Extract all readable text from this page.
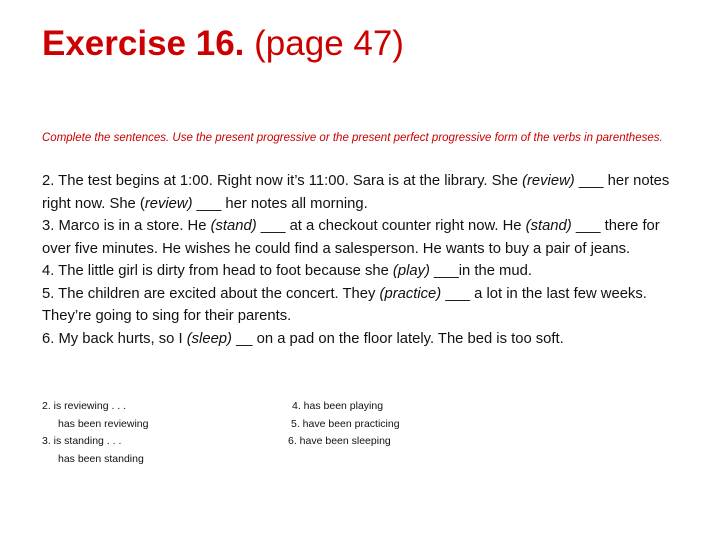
Exercise 16. (page 47)
Complete the sentences. Use the present progressive or the present perfect progressive form of the verbs in parentheses.

2. The test begins at 1:00. Right now it’s 11:00. Sara is at the library. She (review) ___ her notes right now. She (review) ___ her notes all morning.

3. Marco is in a store. He (stand) ___ at a checkout counter right now. He (stand) ___ there for over five minutes. He wishes he could find a salesperson. He wants to buy a pair of jeans.

4. The little girl is dirty from head to foot because she (play) ___in the mud.

5. The children are excited about the concert. They (practice) ___ a lot in the last few weeks. They’re going to sing for their parents.

6. My back hurts, so I (sleep) __ on a pad on the floor lately. The bed is too soft.

2. is reviewing . . .
has been reviewing
3. is standing . . .
has been standing
4. has been playing
5. have been practicing
6. have been sleeping
